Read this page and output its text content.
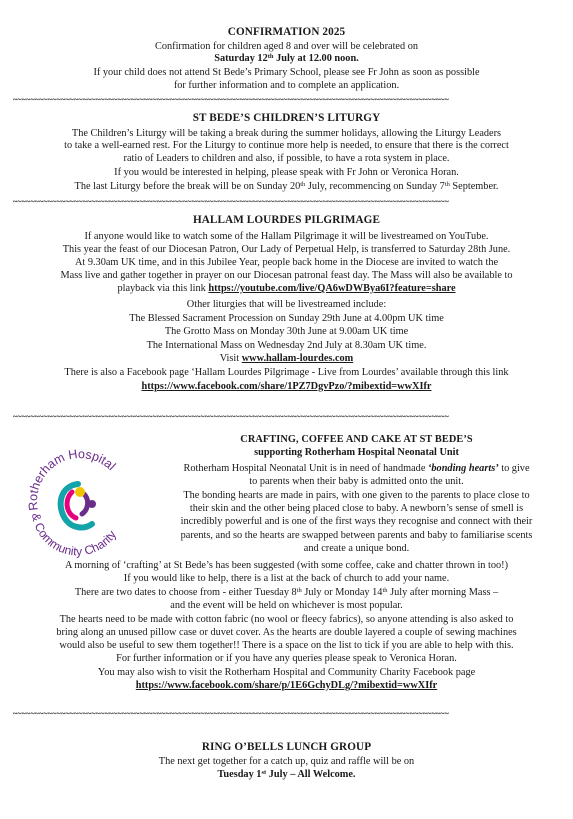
CONFIRMATION 2025
Confirmation for children aged 8 and over will be celebrated on
Saturday 12th July at 12.00 noon.
If your child does not attend St Bede’s Primary School, please see Fr John as soon as possible
for further information and to complete an application.
~~~~~~~~~~~~~~~~~~~~~~~~~~~~~~~~~~~~~~~~~~~~~~~~~~~~~~~~~~~~~~~~~~~~~~~~~~~~~~~~~~~~~~~~~~~~~~~~~~~~
ST BEDE’S CHILDREN’S LITURGY
The Children’s Liturgy will be taking a break during the summer holidays, allowing the Liturgy Leaders
to take a well-earned rest. For the Liturgy to continue more help is needed, to ensure that there is the correct
ratio of Leaders to children and also, if possible, to have a rota system in place.
If you would be interested in helping, please speak with Fr John or Veronica Horan.
The last Liturgy before the break will be on Sunday 20th July, recommencing on Sunday 7th September.
~~~~~~~~~~~~~~~~~~~~~~~~~~~~~~~~~~~~~~~~~~~~~~~~~~~~~~~~~~~~~~~~~~~~~~~~~~~~~~~~~~~~~~~~~~~~~~~~~~~~
HALLAM LOURDES PILGRIMAGE
If anyone would like to watch some of the Hallam Pilgrimage it will be livestreamed on YouTube.
This year the feast of our Diocesan Patron, Our Lady of Perpetual Help, is transferred to Saturday 28th June.
At 9.30am UK time, and in this Jubilee Year, people back home in the Diocese are invited to watch the
Mass live and gather together in prayer on our Diocesan patronal feast day. The Mass will also be available to
playback via this link https://youtube.com/live/QA6wDWBya6I?feature=share
Other liturgies that will be livestreamed include:
The Blessed Sacrament Procession on Sunday 29th June at 4.00pm UK time
The Grotto Mass on Monday 30th June at 9.00am UK time
The International Mass on Wednesday 2nd July at 8.30am UK time.
Visit www.hallam-lourdes.com
There is also a Facebook page ‘Hallam Lourdes Pilgrimage - Live from Lourdes’ available through this link
https://www.facebook.com/share/1PZ7DgvPzo/?mibextid=wwXIfr
~~~~~~~~~~~~~~~~~~~~~~~~~~~~~~~~~~~~~~~~~~~~~~~~~~~~~~~~~~~~~~~~~~~~~~~~~~~~~~~~~~~~~~~~~~~~~~~~~~~~
Rotherham Hospital
& Community Charity
CRAFTING, COFFEE AND CAKE AT ST BEDE’S
supporting Rotherham Hospital Neonatal Unit
Rotherham Hospital Neonatal Unit is in need of handmade ‘bonding hearts’ to give
to parents when their baby is admitted onto the unit.
The bonding hearts are made in pairs, with one given to the parents to place close to
their skin and the other being placed close to baby. A newborn’s sense of smell is
incredibly powerful and is one of the first ways they recognise and connect with their
parents, and so the hearts are swapped between parents and baby to familiarise scents
and create a unique bond.
A morning of ‘crafting’ at St Bede’s has been suggested (with some coffee, cake and chatter thrown in too!)
If you would like to help, there is a list at the back of church to add your name.
There are two dates to choose from - either Tuesday 8th July or Monday 14th July after morning Mass –
and the event will be held on whichever is most popular.
The hearts need to be made with cotton fabric (no wool or fleecy fabrics), so anyone attending is also asked to
bring along an unused pillow case or duvet cover. As the hearts are double layered a couple of sewing machines
would also be useful to sew them together!! There is a space on the list to tick if you are able to help with this.
For further information or if you have any queries please speak to Veronica Horan.
You may also wish to visit the Rotherham Hospital and Community Charity Facebook page
https://www.facebook.com/share/p/1E6GchyDLg/?mibextid=wwXIfr
~~~~~~~~~~~~~~~~~~~~~~~~~~~~~~~~~~~~~~~~~~~~~~~~~~~~~~~~~~~~~~~~~~~~~~~~~~~~~~~~~~~~~~~~~~~~~~~~~~~~
RING O’BELLS LUNCH GROUP
The next get together for a catch up, quiz and raffle will be on
Tuesday 1st July – All Welcome.
